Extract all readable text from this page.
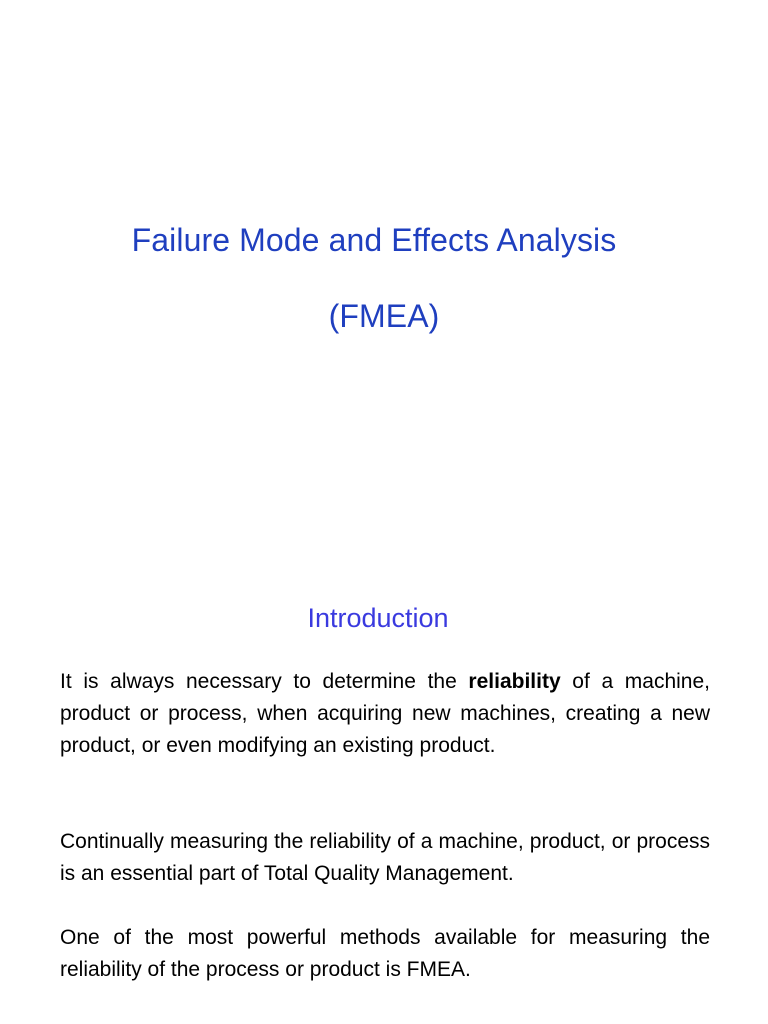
Failure Mode and Effects Analysis
(FMEA)
Introduction

It is always necessary to determine the reliability of a machine, product or process, when acquiring new machines, creating a new product, or even modifying an existing product.

Continually measuring the reliability of a machine, product, or process is an essential part of Total Quality Management.

One of the most powerful methods available for measuring the reliability of the process or product is FMEA.
